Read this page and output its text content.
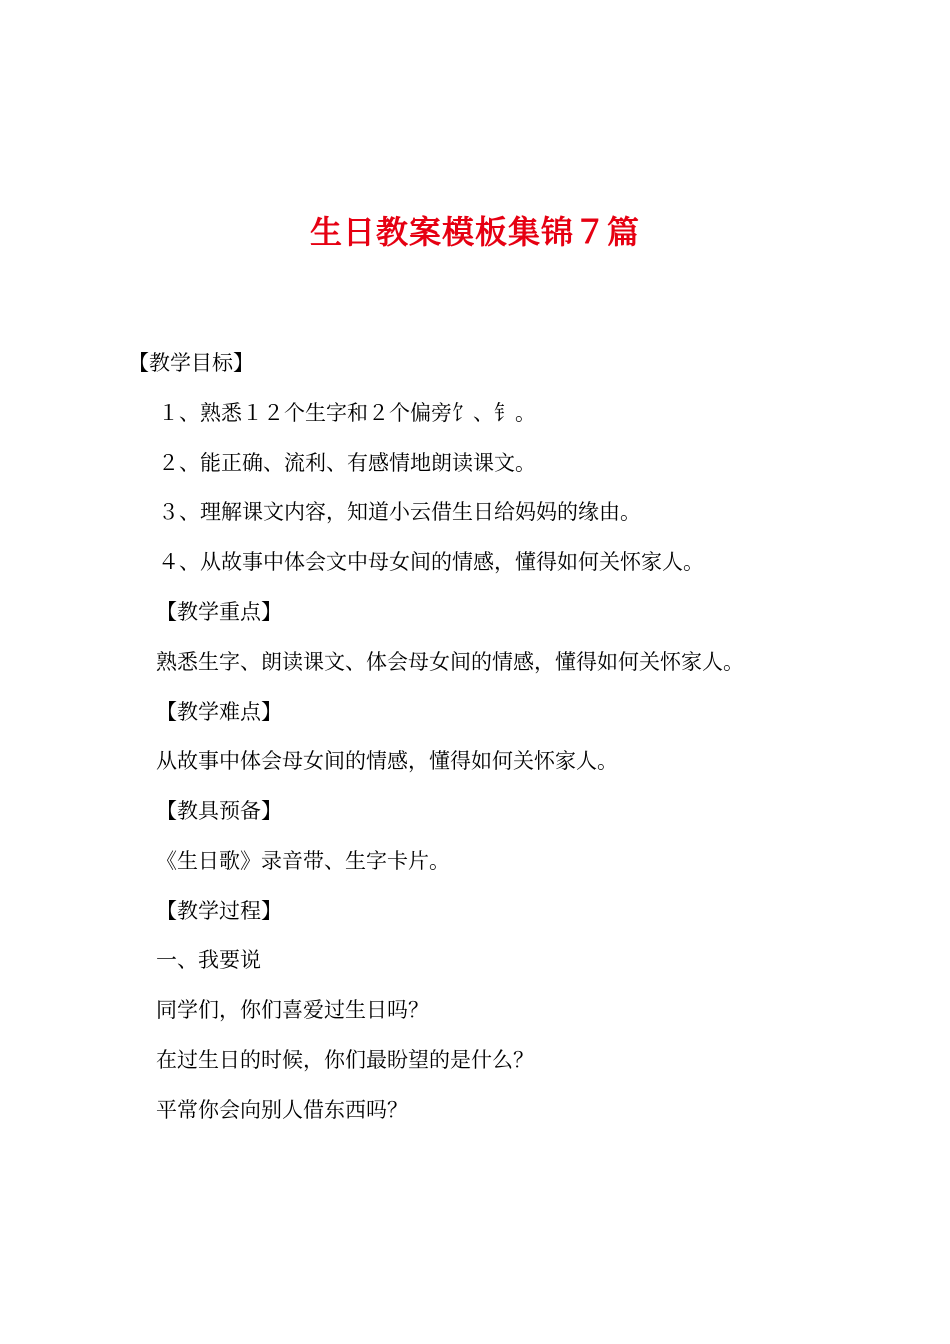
生日教案模板集锦７篇

【教学目标】

１、熟悉１２个生字和２个偏旁饣、钅。

２、能正确、流利、有感情地朗读课文。

３、理解课文内容，知道小云借生日给妈妈的缘由。

４、从故事中体会文中母女间的情感，懂得如何关怀家人。

【教学重点】

熟悉生字、朗读课文、体会母女间的情感，懂得如何关怀家人。

【教学难点】

从故事中体会母女间的情感，懂得如何关怀家人。

【教具预备】

《生日歌》录音带、生字卡片。

【教学过程】

一、我要说

同学们，你们喜爱过生日吗？

在过生日的时候，你们最盼望的是什么？

平常你会向别人借东西吗？
